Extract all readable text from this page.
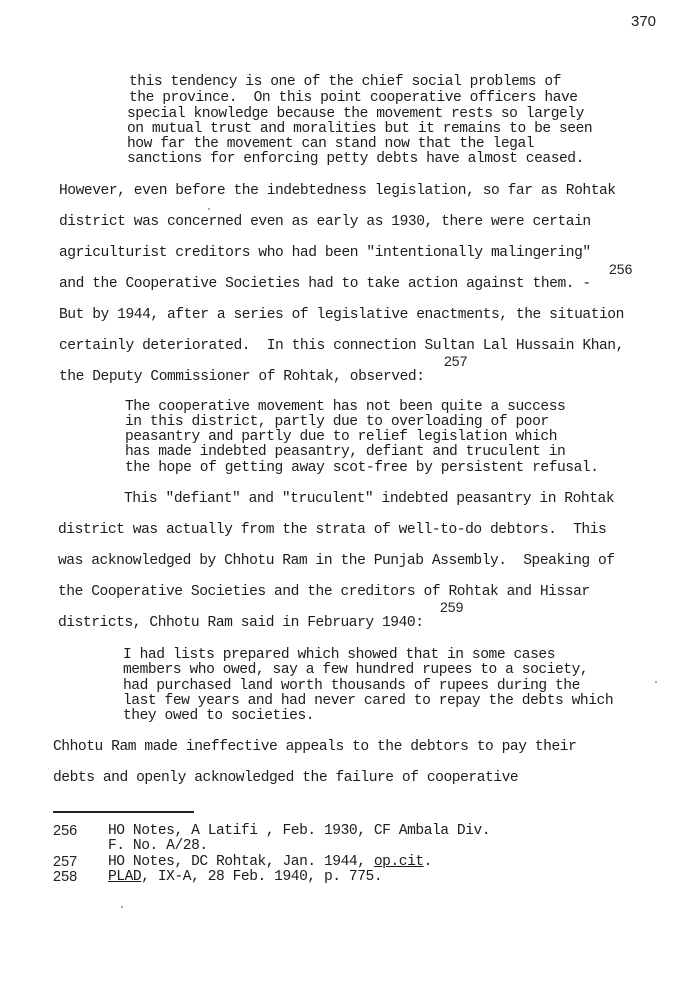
370
this tendency is one of the chief social problems of
the province.  On this point cooperative officers have
special knowledge because the movement rests so largely
on mutual trust and moralities but it remains to be seen
how far the movement can stand now that the legal
sanctions for enforcing petty debts have almost ceased.
However, even before the indebtedness legislation, so far as Rohtak
district was concerned even as early as 1930, there were certain
agriculturist creditors who had been "intentionally malingering"
256
and the Cooperative Societies had to take action against them. -
But by 1944, after a series of legislative enactments, the situation
certainly deteriorated.  In this connection Sultan Lal Hussain Khan,
257
the Deputy Commissioner of Rohtak, observed:
The cooperative movement has not been quite a success
in this district, partly due to overloading of poor
peasantry and partly due to relief legislation which
has made indebted peasantry, defiant and truculent in
the hope of getting away scot-free by persistent refusal.
This "defiant" and "truculent" indebted peasantry in Rohtak
district was actually from the strata of well-to-do debtors.  This
was acknowledged by Chhotu Ram in the Punjab Assembly.  Speaking of
the Cooperative Societies and the creditors of Rohtak and Hissar
259
districts, Chhotu Ram said in February 1940:
I had lists prepared which showed that in some cases
members who owed, say a few hundred rupees to a society,
had purchased land worth thousands of rupees during the
last few years and had never cared to repay the debts which
they owed to societies.
Chhotu Ram made ineffective appeals to the debtors to pay their
debts and openly acknowledged the failure of cooperative
256 HO Notes, A Latifi , Feb. 1930, CF Ambala Div.
F. No. A/28.
257 HO Notes, DC Rohtak, Jan. 1944, op.cit.
258 PLAD, IX-A, 28 Feb. 1940, p. 775.
